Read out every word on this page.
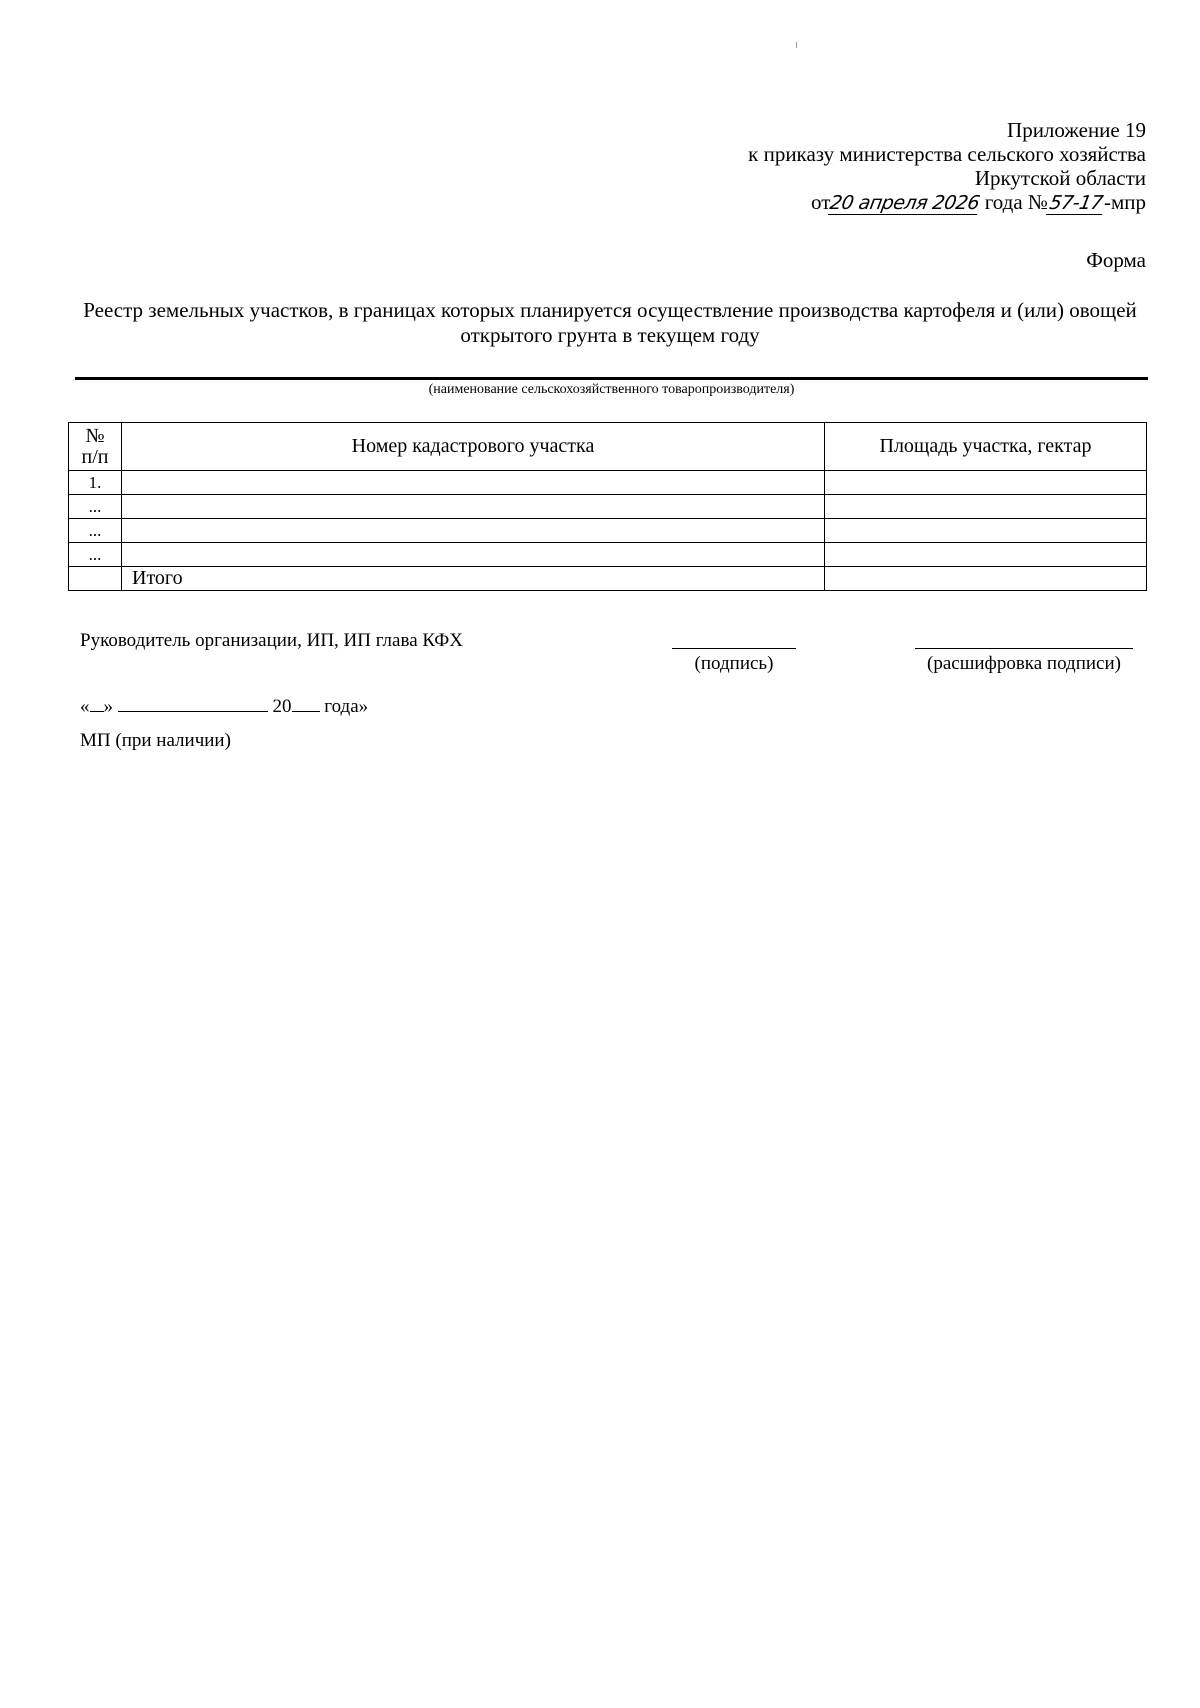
Приложение 19
к приказу министерства сельского хозяйства
Иркутской области
от20 апреля 2026 года №57-17-мпр
Форма
Реестр земельных участков, в границах которых планируется осуществление производства картофеля и (или) овощей открытого грунта в текущем году
(наименование сельскохозяйственного товаропроизводителя)
№
п/п	Номер кадастрового участка	Площадь участка, гектар
1.		
...		
...		
...		
	Итого	
Руководитель организации, ИП, ИП глава КФХ
(подпись)	(расшифровка подписи)
« »	20 года»
МП (при наличии)
